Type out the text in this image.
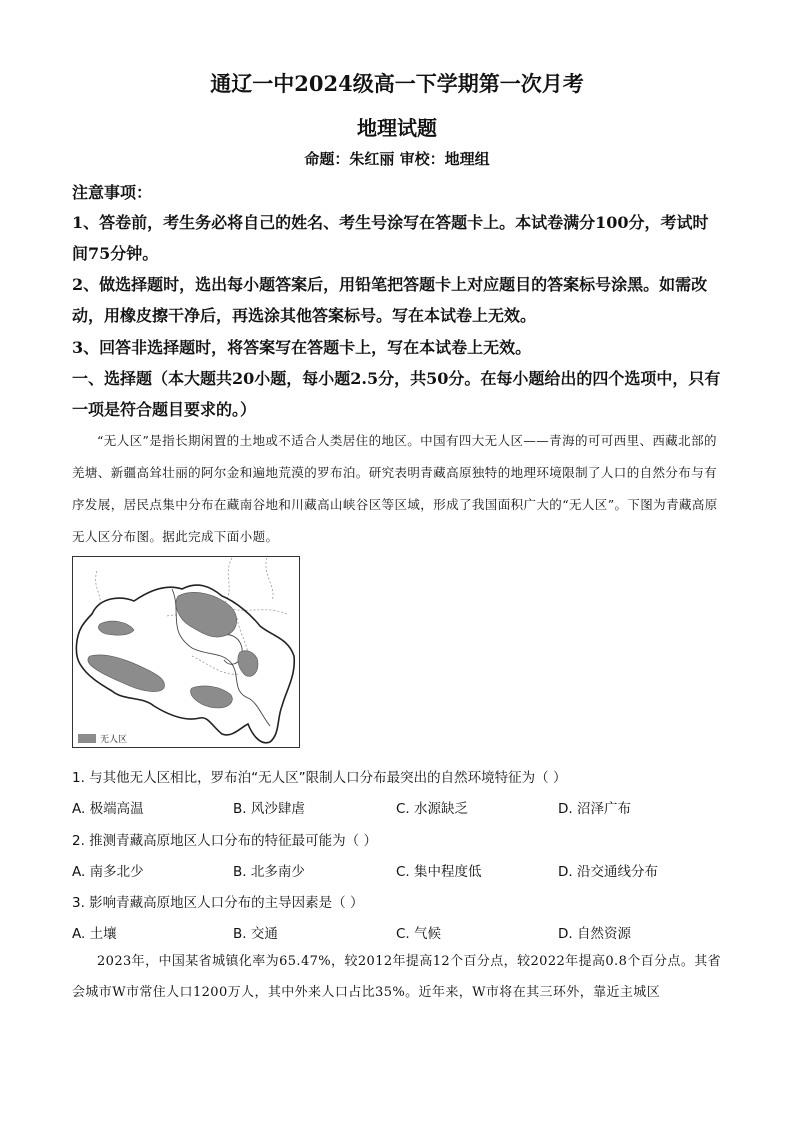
通辽一中2024级高一下学期第一次月考
地理试题
命题：朱红丽 审校：地理组
注意事项：
1、答卷前，考生务必将自己的姓名、考生号涂写在答题卡上。本试卷满分100分，考试时间75分钟。
2、做选择题时，选出每小题答案后，用铅笔把答题卡上对应题目的答案标号涂黑。如需改动，用橡皮擦干净后，再选涂其他答案标号。写在本试卷上无效。
3、回答非选择题时，将答案写在答题卡上，写在本试卷上无效。
一、选择题（本大题共20小题，每小题2.5分，共50分。在每小题给出的四个选项中，只有一项是符合题目要求的。）
“无人区”是指长期闲置的土地或不适合人类居住的地区。中国有四大无人区——青海的可可西里、西藏北部的羌塘、新疆高耸壮丽的阿尔金和遍地荒漠的罗布泊。研究表明青藏高原独特的地理环境限制了人口的自然分布与有序发展，居民点集中分布在藏南谷地和川藏高山峡谷区等区域，形成了我国面积广大的“无人区”。下图为青藏高原无人区分布图。据此完成下面小题。
无人区
1. 与其他无人区相比，罗布泊“无人区”限制人口分布最突出的自然环境特征为（ ）
A. 极端高温	B. 风沙肆虐	C. 水源缺乏	D. 沼泽广布
2. 推测青藏高原地区人口分布的特征最可能为（ ）
A. 南多北少	B. 北多南少	C. 集中程度低	D. 沿交通线分布
3. 影响青藏高原地区人口分布的主导因素是（ ）
A. 土壤	B. 交通	C. 气候	D. 自然资源
2023年，中国某省城镇化率为65.47%，较2012年提高12个百分点，较2022年提高0.8个百分点。其省会城市W市常住人口1200万人，其中外来人口占比35%。近年来，W市将在其三环外，靠近主城区
